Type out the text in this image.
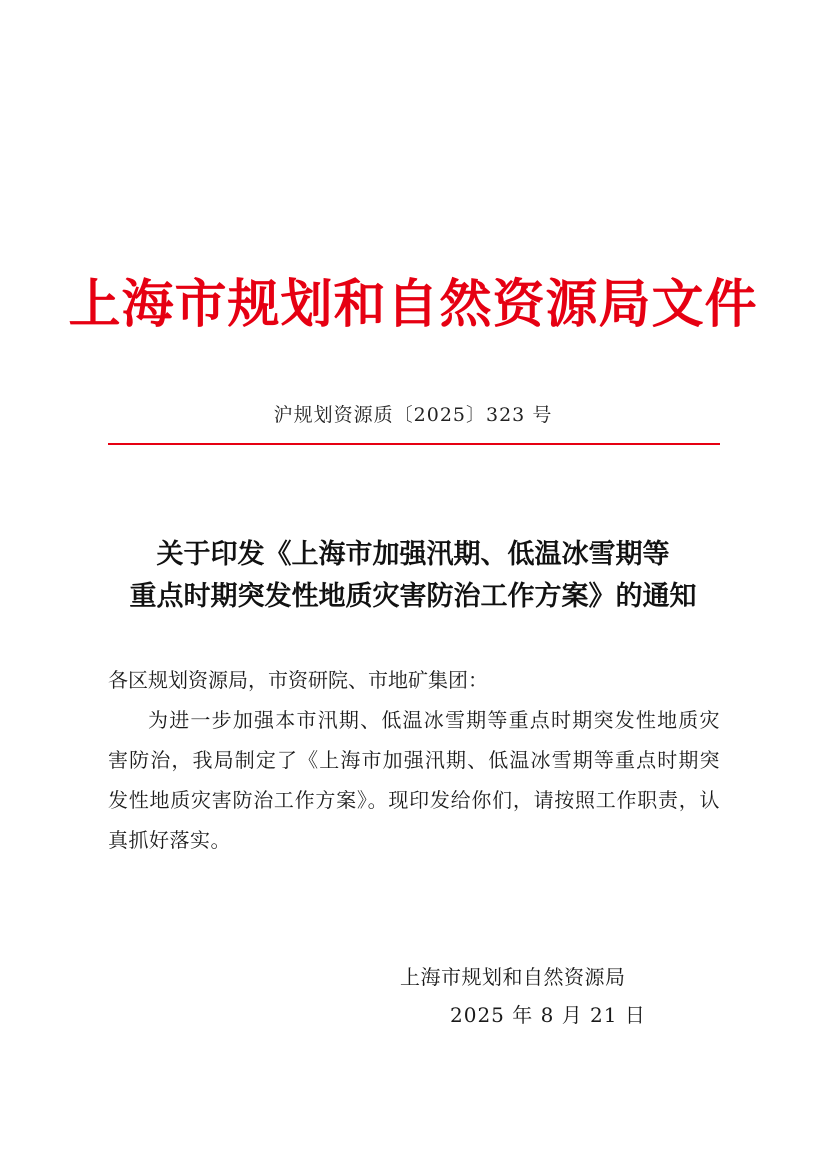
上海市规划和自然资源局文件
沪规划资源质〔2025〕323 号
关于印发《上海市加强汛期、低温冰雪期等
重点时期突发性地质灾害防治工作方案》的通知
各区规划资源局，市资研院、市地矿集团：
为进一步加强本市汛期、低温冰雪期等重点时期突发性地质灾害防治，我局制定了《上海市加强汛期、低温冰雪期等重点时期突发性地质灾害防治工作方案》。现印发给你们，请按照工作职责，认真抓好落实。
上海市规划和自然资源局
2025 年 8 月 21 日
